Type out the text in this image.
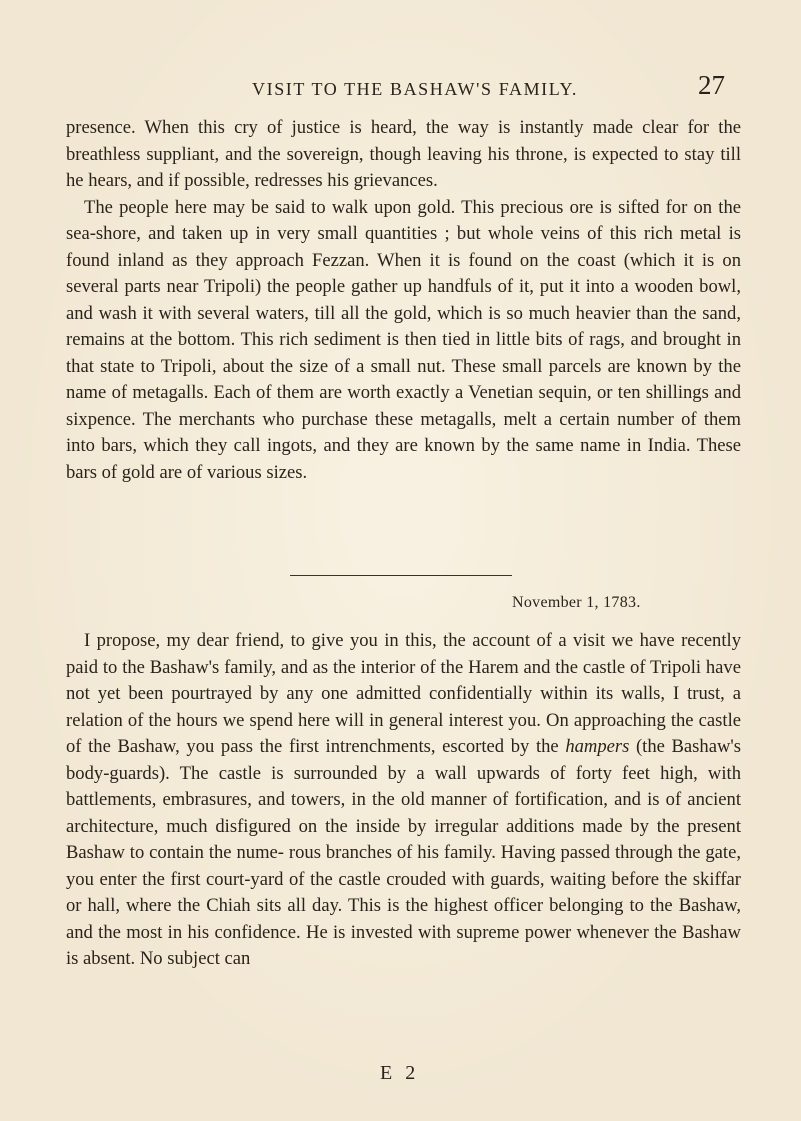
VISIT TO THE BASHAW'S FAMILY.	27

presence. When this cry of justice is heard, the way is instantly made clear for the breathless suppliant, and the sovereign, though leaving his throne, is expected to stay till he hears, and if possible, redresses his grievances.

The people here may be said to walk upon gold. This precious ore is sifted for on the sea-shore, and taken up in very small quantities ; but whole veins of this rich metal is found inland as they approach Fezzan. When it is found on the coast (which it is on several parts near Tripoli) the people gather up handfuls of it, put it into a wooden bowl, and wash it with several waters, till all the gold, which is so much heavier than the sand, remains at the bottom. This rich sediment is then tied in little bits of rags, and brought in that state to Tripoli, about the size of a small nut. These small parcels are known by the name of metagalls. Each of them are worth exactly a Venetian sequin, or ten shillings and sixpence. The merchants who purchase these metagalls, melt a certain number of them into bars, which they call ingots, and they are known by the same name in India. These bars of gold are of various sizes.

November 1, 1783.

I propose, my dear friend, to give you in this, the account of a visit we have recently paid to the Bashaw's family, and as the interior of the Harem and the castle of Tripoli have not yet been pourtrayed by any one admitted confidentially within its walls, I trust, a relation of the hours we spend here will in general interest you. On approaching the castle of the Bashaw, you pass the first intrenchments, escorted by the hampers (the Bashaw's body-guards). The castle is surrounded by a wall upwards of forty feet high, with battlements, embrasures, and towers, in the old manner of fortification, and is of ancient architecture, much disfigured on the inside by irregular additions made by the present Bashaw to contain the nume- rous branches of his family. Having passed through the gate, you enter the first court-yard of the castle crouded with guards, waiting before the skiffar or hall, where the Chiah sits all day. This is the highest officer belonging to the Bashaw, and the most in his confidence. He is invested with supreme power whenever the Bashaw is absent. No subject can

E 2
